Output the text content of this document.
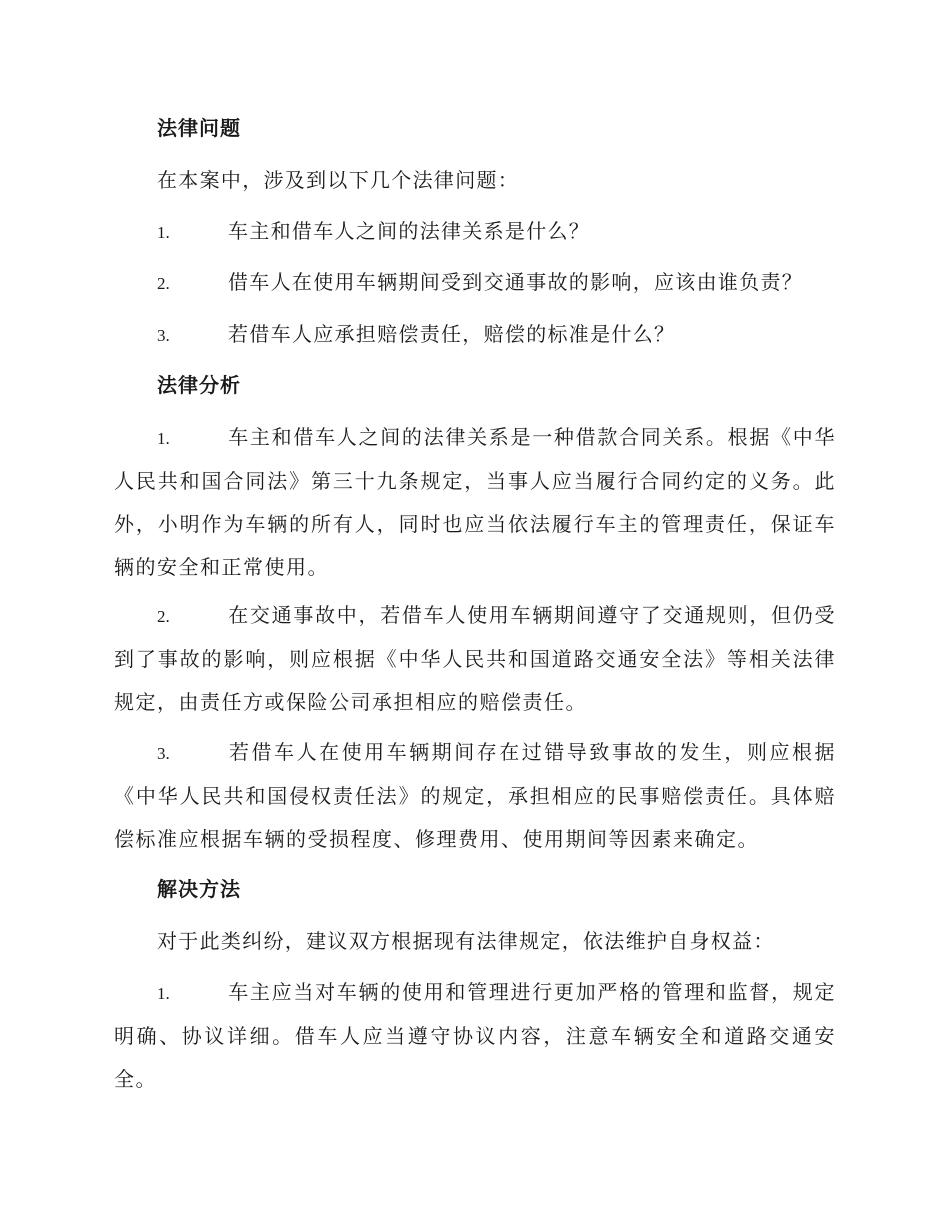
法律问题
在本案中，涉及到以下几个法律问题：
1.	车主和借车人之间的法律关系是什么？
2.	借车人在使用车辆期间受到交通事故的影响，应该由谁负责？
3.	若借车人应承担赔偿责任，赔偿的标准是什么？
法律分析

1.	车主和借车人之间的法律关系是一种借款合同关系。根据《中华人民共和国合同法》第三十九条规定，当事人应当履行合同约定的义务。此外，小明作为车辆的所有人，同时也应当依法履行车主的管理责任，保证车辆的安全和正常使用。

2.	在交通事故中，若借车人使用车辆期间遵守了交通规则，但仍受到了事故的影响，则应根据《中华人民共和国道路交通安全法》等相关法律规定，由责任方或保险公司承担相应的赔偿责任。

3.	若借车人在使用车辆期间存在过错导致事故的发生，则应根据《中华人民共和国侵权责任法》的规定，承担相应的民事赔偿责任。具体赔偿标准应根据车辆的受损程度、修理费用、使用期间等因素来确定。

解决方法
对于此类纠纷，建议双方根据现有法律规定，依法维护自身权益：

1.	车主应当对车辆的使用和管理进行更加严格的管理和监督，规定明确、协议详细。借车人应当遵守协议内容，注意车辆安全和道路交通安全。
